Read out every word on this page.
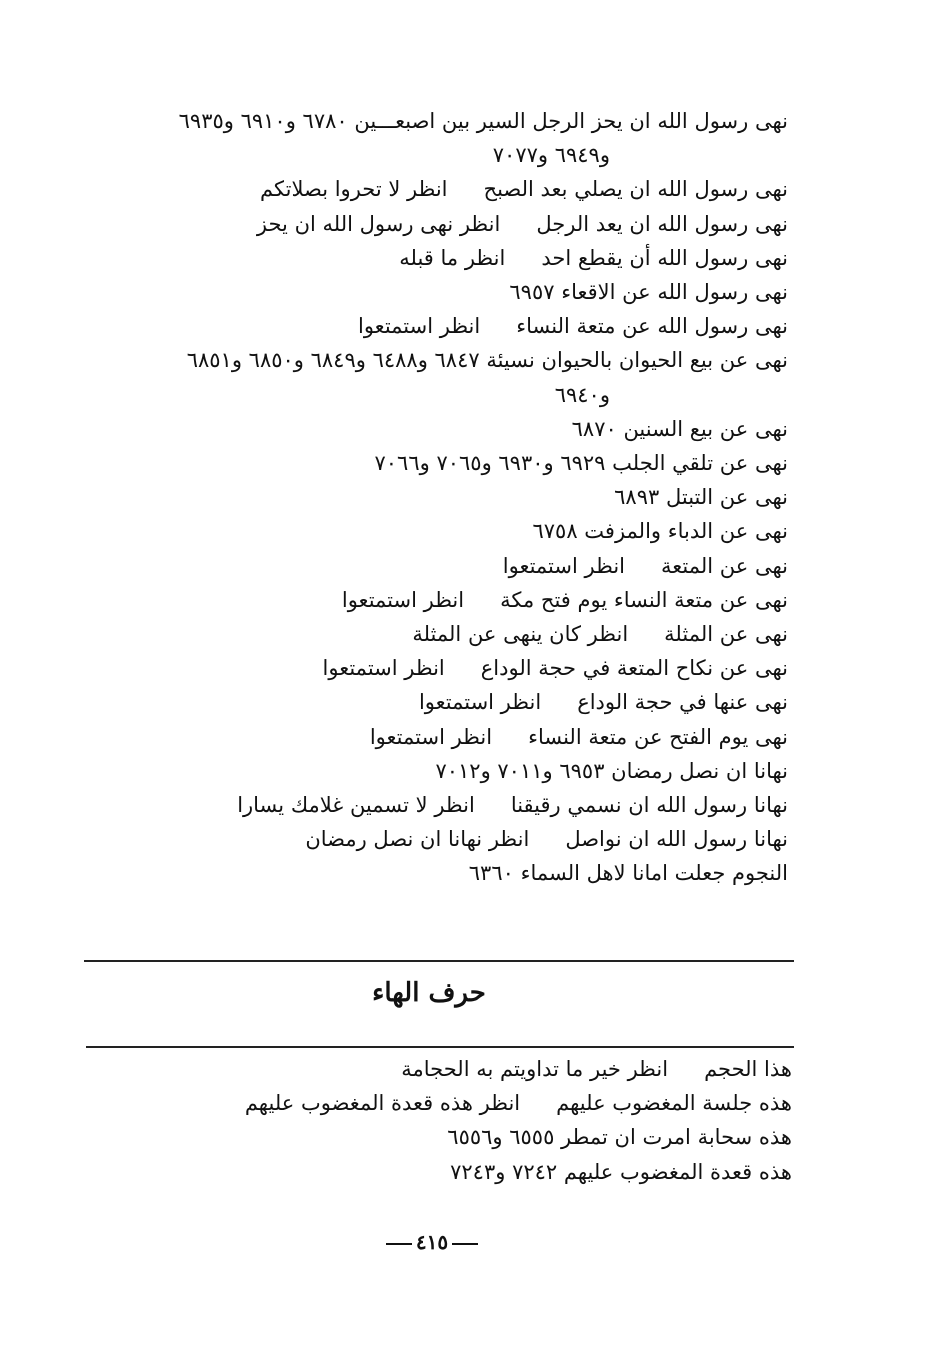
نهى رسول الله ان يحز الرجل السير بين اصبعـــين ٦٧٨٠ و٦٩١٠ و٦٩٣٥
و٦٩٤٩ و٧٠٧٧
نهى رسول الله ان يصلي بعد الصبحانظر لا تحروا بصلاتكم
نهى رسول الله ان يعد الرجلانظر نهى رسول الله ان يحز
نهى رسول الله أن يقطع احدانظر ما قبله
نهى رسول الله عن الاقعاء ٦٩٥٧
نهى رسول الله عن متعة النساءانظر استمتعوا
نهى عن بيع الحيوان بالحيوان نسيئة ٦٨٤٧ و٦٤٨٨ و٦٨٤٩ و٦٨٥٠ و٦٨٥١
و٦٩٤٠
نهى عن بيع السنين ٦٨٧٠
نهى عن تلقي الجلب ٦٩٢٩ و٦٩٣٠ و٧٠٦٥ و٧٠٦٦
نهى عن التبتل ٦٨٩٣
نهى عن الدباء والمزفت ٦٧٥٨
نهى عن المتعةانظر استمتعوا
نهى عن متعة النساء يوم فتح مكةانظر استمتعوا
نهى عن المثلةانظر كان ينهى عن المثلة
نهى عن نكاح المتعة في حجة الوداعانظر استمتعوا
نهى عنها في حجة الوداعانظر استمتعوا
نهى يوم الفتح عن متعة النساءانظر استمتعوا
نهانا ان نصل رمضان ٦٩٥٣ و٧٠١١ و٧٠١٢
نهانا رسول الله ان نسمي رقيقناانظر لا تسمين غلامك يسارا
نهانا رسول الله ان نواصلانظر نهانا ان نصل رمضان
النجوم جعلت امانا لاهل السماء ٦٣٦٠
حرف الهاء
هذا الحجمانظر خير ما تداويتم به الحجامة
هذه جلسة المغضوب عليهمانظر هذه قعدة المغضوب عليهم
هذه سحابة امرت ان تمطر ٦٥٥٥ و٦٥٥٦
هذه قعدة المغضوب عليهم ٧٢٤٢ و٧٢٤٣
٤١٥
